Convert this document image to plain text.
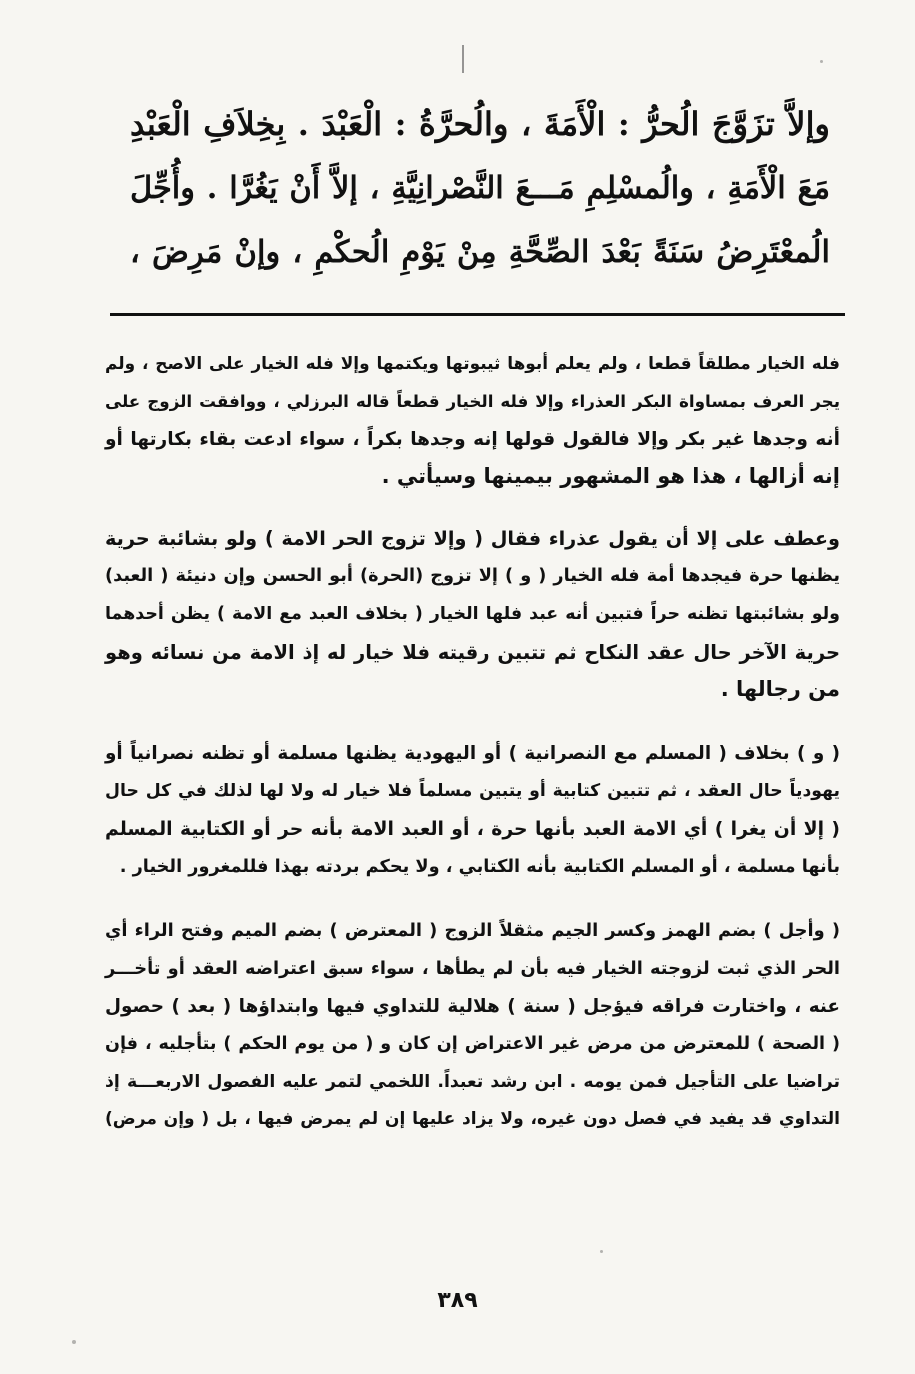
وإلاَّ تزَوَّجَ الُحرُّ : الْأَمَةَ ، والُحرَّةُ : الْعَبْدَ . بِخِلاَفِ الْعَبْدِ
مَعَ الْأَمَةِ ، والُمسْلِمِ مَـــعَ النَّصْرانِيَّةِ ، إلاَّ أَنْ يَغُرَّا . وأُجِّلَ
الُمعْتَرِضُ سَنَةً بَعْدَ الصِّحَّةِ مِنْ يَوْمِ الُحكْمِ ، وإنْ مَرِضَ ،
فله الخيار مطلقاً قطعا ، ولم يعلم أبوها ثيبوتها ويكتمها وإلا فله الخيار على الاصح ، ولم
يجر العرف بمساواة البكر العذراء وإلا فله الخيار قطعاً قاله البرزلي ، ووافقت الزوج على
أنه وجدها غير بكر وإلا فالقول قولها إنه وجدها بكراً ، سواء ادعت بقاء بكارتها أو
إنه أزالها ، هذا هو المشهور بيمينها وسيأتي .
وعطف على إلا أن يقول عذراء فقال ( وإلا تزوج الحر الامة ) ولو بشائبة حرية
يظنها حرة فيجدها أمة فله الخيار ( و ) إلا تزوج (الحرة) أبو الحسن وإن دنيئة ( العبد)
ولو بشائبتها تظنه حراً فتبين أنه عبد فلها الخيار ( بخلاف العبد مع الامة ) يظن أحدهما
حرية الآخر حال عقد النكاح ثم تتبين رقيته فلا خيار له إذ الامة من نسائه وهو
من رجالها .
( و ) بخلاف ( المسلم مع النصرانية ) أو اليهودية يظنها مسلمة أو تظنه نصرانياً أو
يهودياً حال العقد ، ثم تتبين كتابية أو يتبين مسلماً فلا خيار له ولا لها لذلك في كل حال
( إلا أن يغرا ) أي الامة العبد بأنها حرة ، أو العبد الامة بأنه حر أو الكتابية المسلم
بأنها مسلمة ، أو المسلم الكتابية بأنه الكتابي ، ولا يحكم بردته بهذا فللمغرور الخيار .
( وأجل ) بضم الهمز وكسر الجيم مثقلاً الزوج ( المعترض ) بضم الميم وفتح الراء أي
الحر الذي ثبت لزوجته الخيار فيه بأن لم يطأها ، سواء سبق اعتراضه العقد أو تأخـــر
عنه ، واختارت فراقه فيؤجل ( سنة ) هلالية للتداوي فيها وابتداؤها ( بعد ) حصول
( الصحة ) للمعترض من مرض غير الاعتراض إن كان و ( من يوم الحكم ) بتأجليه ، فإن
تراضيا على التأجيل فمن يومه . ابن رشد تعبداً. اللخمي لتمر عليه الفصول الاربعـــة إذ
التداوي قد يفيد في فصل دون غيره، ولا يزاد عليها إن لم يمرض فيها ، بل ( وإن مرض)
٣٨٩
